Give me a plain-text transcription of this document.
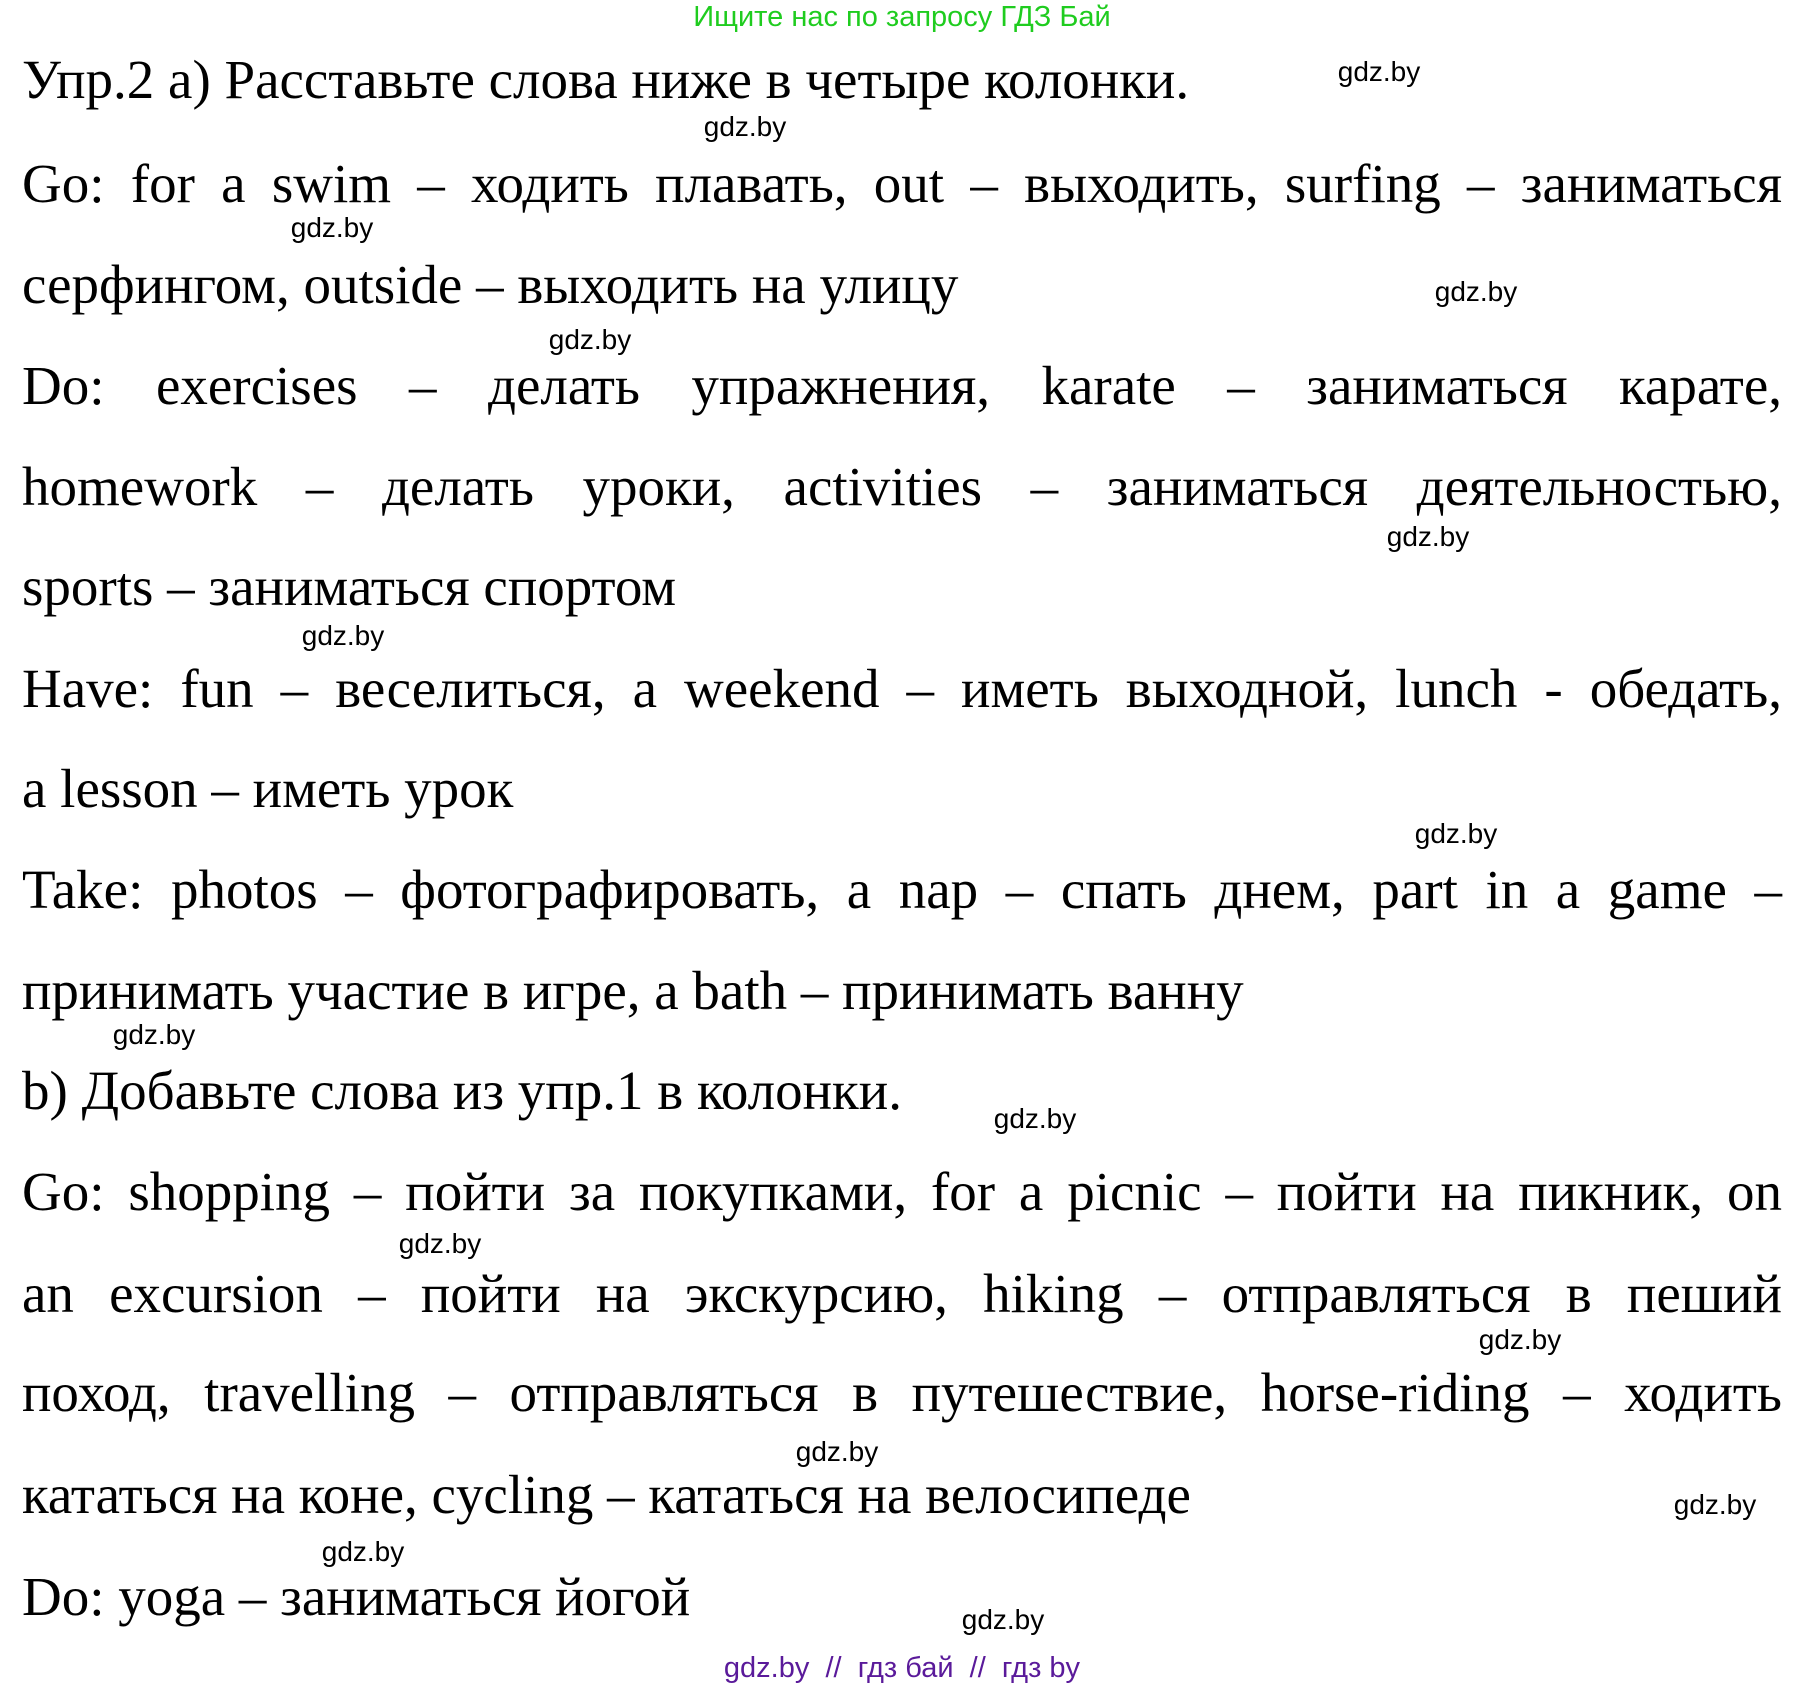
Ищите нас по запросу ГДЗ Бай
Упр.2 a) Расставьте слова ниже в четыре колонки.
Go: for a swim – ходить плавать, out – выходить, surfing – заниматься
серфингом, outside – выходить на улицу
Do: exercises – делать упражнения, karate – заниматься карате,
homework – делать уроки, activities – заниматься деятельностью,
sports – заниматься спортом
Have: fun – веселиться, a weekend – иметь выходной, lunch - обедать,
a lesson – иметь урок
Take: photos – фотографировать, a nap – спать днем, part in a game –
принимать участие в игре, a bath – принимать ванну
b) Добавьте слова из упр.1 в колонки.
Go: shopping – пойти за покупками, for a picnic – пойти на пикник, on
an excursion – пойти на экскурсию, hiking – отправляться в пеший
поход, travelling – отправляться в путешествие, horse-riding – ходить
кататься на коне, cycling – кататься на велосипеде
Do: yoga – заниматься йогой
gdz.by
gdz.by
gdz.by
gdz.by
gdz.by
gdz.by
gdz.by
gdz.by
gdz.by
gdz.by
gdz.by
gdz.by
gdz.by
gdz.by
gdz.by
gdz.by
gdz.by  //  гдз бай  //  гдз by
